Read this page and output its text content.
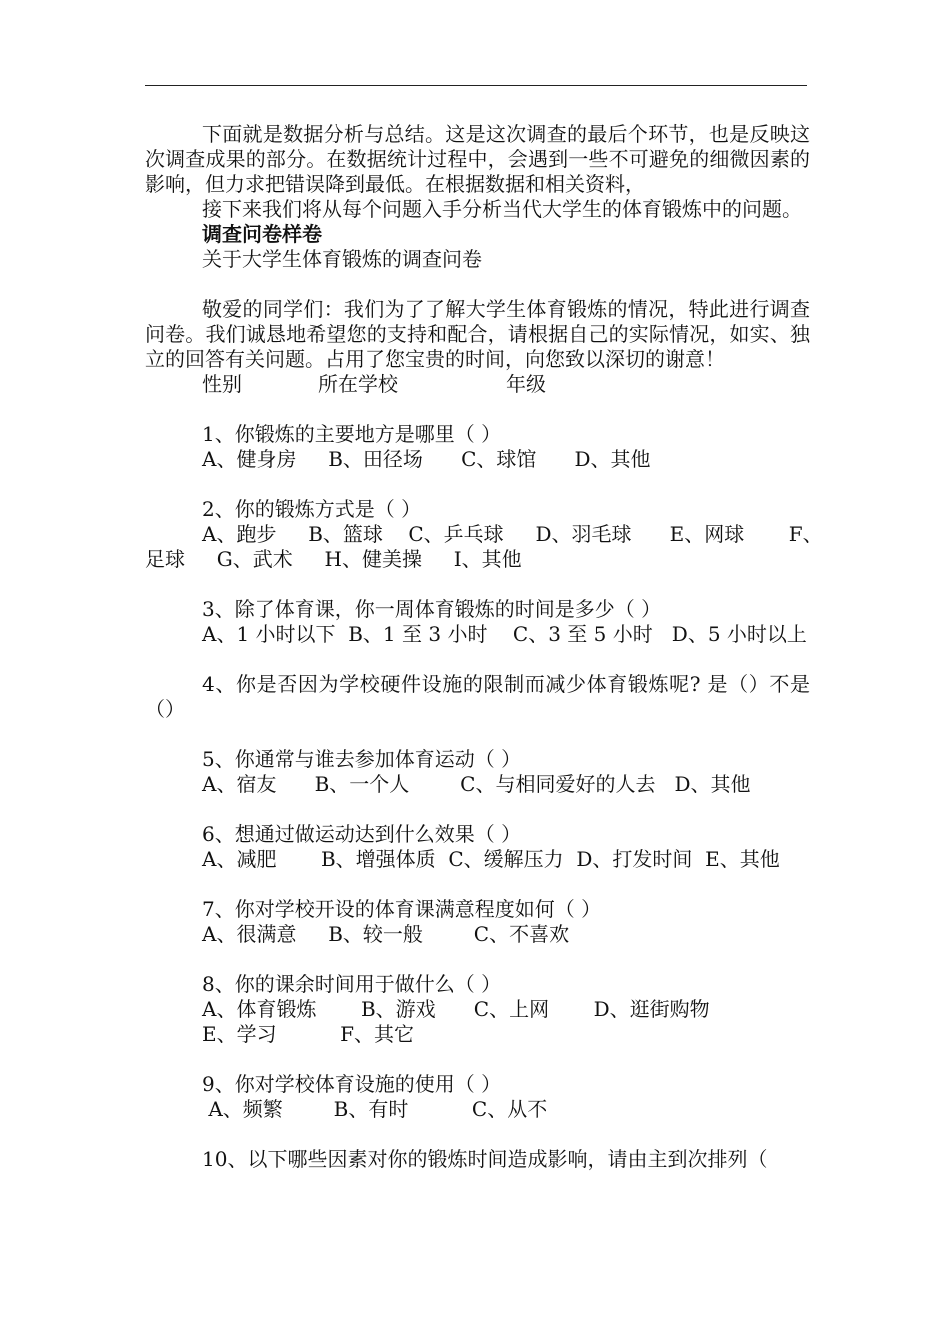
下面就是数据分析与总结。这是这次调查的最后个环节，也是反映这次调查成果的部分。在数据统计过程中，会遇到一些不可避免的细微因素的影响，但力求把错误降到最低。在根据数据和相关资料，

接下来我们将从每个问题入手分析当代大学生的体育锻炼中的问题。

调查问卷样卷

关于大学生体育锻炼的调查问卷

敬爱的同学们：我们为了了解大学生体育锻炼的情况，特此进行调查问卷。我们诚恳地希望您的支持和配合，请根据自己的实际情况，如实、独立的回答有关问题。占用了您宝贵的时间，向您致以深切的谢意！

性别	所在学校	年级

1、你锻炼的主要地方是哪里（ ）

A、健身房     B、田径场      C、球馆      D、其他

2、你的锻炼方式是（ ）

A、跑步     B、篮球    C、乒乓球     D、羽毛球      E、网球       F、

足球     G、武术     H、健美操     I、其他

3、除了体育课，你一周体育锻炼的时间是多少（ ）

A、1 小时以下  B、1 至 3 小时    C、3 至 5 小时   D、5 小时以上

4、你是否因为学校硬件设施的限制而减少体育锻炼呢? 是（）不是（）

5、你通常与谁去参加体育运动（ ）

A、宿友      B、一个人        C、与相同爱好的人去   D、其他

6、想通过做运动达到什么效果（ ）

A、减肥       B、增强体质  C、缓解压力  D、打发时间  E、其他

7、你对学校开设的体育课满意程度如何（ ）

A、很满意     B、较一般        C、不喜欢

8、你的课余时间用于做什么（ ）

A、体育锻炼       B、游戏      C、上网       D、逛街购物

E、学习          F、其它

9、你对学校体育设施的使用（ ）

A、频繁        B、有时          C、从不

10、以下哪些因素对你的锻炼时间造成影响，请由主到次排列（
